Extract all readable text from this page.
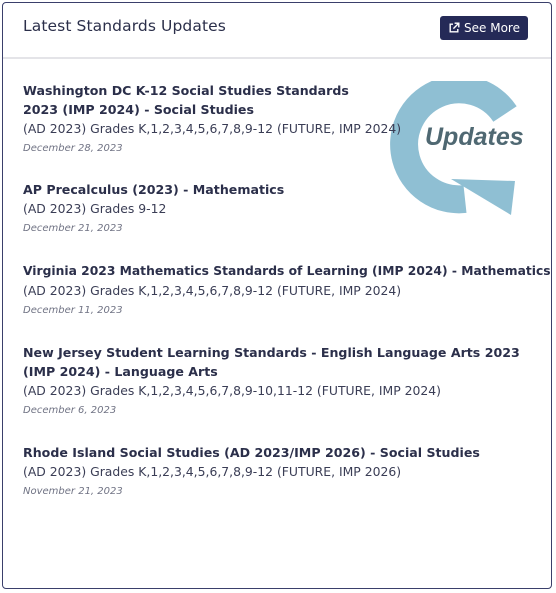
Latest Standards Updates	See More
Updates
Washington DC K-12 Social Studies Standards 2023 (IMP 2024) - Social Studies
(AD 2023) Grades K,1,2,3,4,5,6,7,8,9-12 (FUTURE, IMP 2024)
December 28, 2023
AP Precalculus (2023) - Mathematics
(AD 2023) Grades 9-12
December 21, 2023
Virginia 2023 Mathematics Standards of Learning (IMP 2024) - Mathematics
(AD 2023) Grades K,1,2,3,4,5,6,7,8,9-12 (FUTURE, IMP 2024)
December 11, 2023
New Jersey Student Learning Standards - English Language Arts 2023 (IMP 2024) - Language Arts
(AD 2023) Grades K,1,2,3,4,5,6,7,8,9-10,11-12 (FUTURE, IMP 2024)
December 6, 2023
Rhode Island Social Studies (AD 2023/IMP 2026) - Social Studies
(AD 2023) Grades K,1,2,3,4,5,6,7,8,9-12 (FUTURE, IMP 2026)
November 21, 2023
